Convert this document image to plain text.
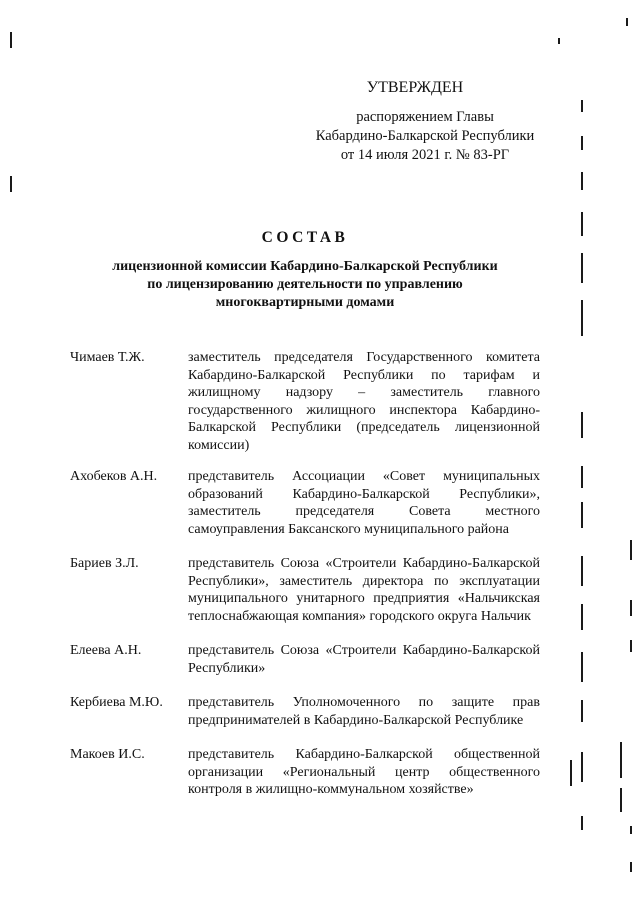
УТВЕРЖДЕН
распоряжением Главы
Кабардино-Балкарской Республики
от 14 июля 2021 г. № 83-РГ
СОСТАВ
лицензионной комиссии Кабардино-Балкарской Республики
по лицензированию деятельности по управлению
многоквартирными домами
Чимаев Т.Ж.	заместитель председателя Государственного комитета Кабардино-Балкарской Республики по тарифам и жилищному надзору – заместитель главного государственного жилищного инспектора Кабардино-Балкарской Республики (председатель лицензионной комиссии)
Ахобеков А.Н.	представитель Ассоциации «Совет муниципальных образований Кабардино-Балкарской Республики», заместитель председателя Совета местного самоуправления Баксанского муниципального района
Бариев З.Л.	представитель Союза «Строители Кабардино-Балкарской Республики», заместитель директора по эксплуатации муниципального унитарного предприятия «Нальчикская теплоснабжающая компания» городского округа Нальчик
Елеева А.Н.	представитель Союза «Строители Кабардино-Балкарской Республики»
Кербиева М.Ю.	представитель Уполномоченного по защите прав предпринимателей в Кабардино-Балкарской Республике
Макоев И.С.	представитель Кабардино-Балкарской общественной организации «Региональный центр общественного контроля в жилищно-коммунальном хозяйстве»
